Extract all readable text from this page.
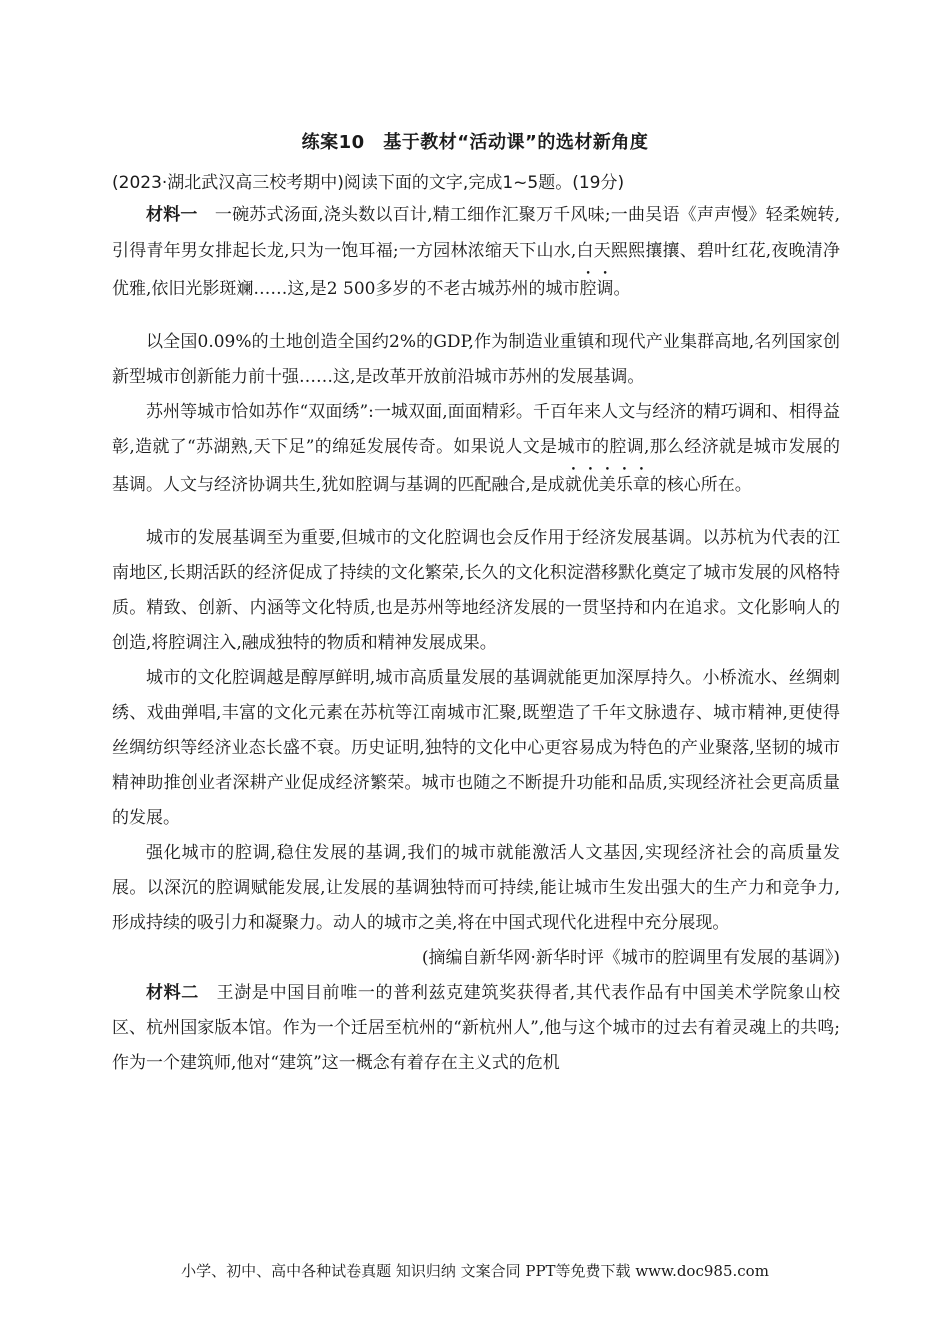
练案10　基于教材“活动课”的选材新角度
(2023·湖北武汉高三校考期中)阅读下面的文字,完成1~5题。(19分)

材料一　一碗苏式汤面,浇头数以百计,精工细作汇聚万千风味;一曲吴语《声声慢》轻柔婉转,引得青年男女排起长龙,只为一饱耳福;一方园林浓缩天下山水,白天熙熙攘攘、碧叶红花,夜晚清净优雅,依旧光影斑斓……这,是2 500多岁的不老古城苏州的城市腔调。

以全国0.09%的土地创造全国约2%的GDP,作为制造业重镇和现代产业集群高地,名列国家创新型城市创新能力前十强……这,是改革开放前沿城市苏州的发展基调。

苏州等城市恰如苏作“双面绣”:一城双面,面面精彩。千百年来人文与经济的精巧调和、相得益彰,造就了“苏湖熟,天下足”的绵延发展传奇。如果说人文是城市的腔调,那么经济就是城市发展的基调。人文与经济协调共生,犹如腔调与基调的匹配融合,是成就优美乐章的核心所在。

城市的发展基调至为重要,但城市的文化腔调也会反作用于经济发展基调。以苏杭为代表的江南地区,长期活跃的经济促成了持续的文化繁荣,长久的文化积淀潜移默化奠定了城市发展的风格特质。精致、创新、内涵等文化特质,也是苏州等地经济发展的一贯坚持和内在追求。文化影响人的创造,将腔调注入,融成独特的物质和精神发展成果。

城市的文化腔调越是醇厚鲜明,城市高质量发展的基调就能更加深厚持久。小桥流水、丝绸刺绣、戏曲弹唱,丰富的文化元素在苏杭等江南城市汇聚,既塑造了千年文脉遗存、城市精神,更使得丝绸纺织等经济业态长盛不衰。历史证明,独特的文化中心更容易成为特色的产业聚落,坚韧的城市精神助推创业者深耕产业促成经济繁荣。城市也随之不断提升功能和品质,实现经济社会更高质量的发展。

强化城市的腔调,稳住发展的基调,我们的城市就能激活人文基因,实现经济社会的高质量发展。以深沉的腔调赋能发展,让发展的基调独特而可持续,能让城市生发出强大的生产力和竞争力,形成持续的吸引力和凝聚力。动人的城市之美,将在中国式现代化进程中充分展现。

(摘编自新华网·新华时评《城市的腔调里有发展的基调》)

材料二　王澍是中国目前唯一的普利兹克建筑奖获得者,其代表作品有中国美术学院象山校区、杭州国家版本馆。作为一个迁居至杭州的“新杭州人”,他与这个城市的过去有着灵魂上的共鸣;作为一个建筑师,他对“建筑”这一概念有着存在主义式的危机

小学、初中、高中各种试卷真题 知识归纳 文案合同 PPT等免费下载 www.doc985.com
